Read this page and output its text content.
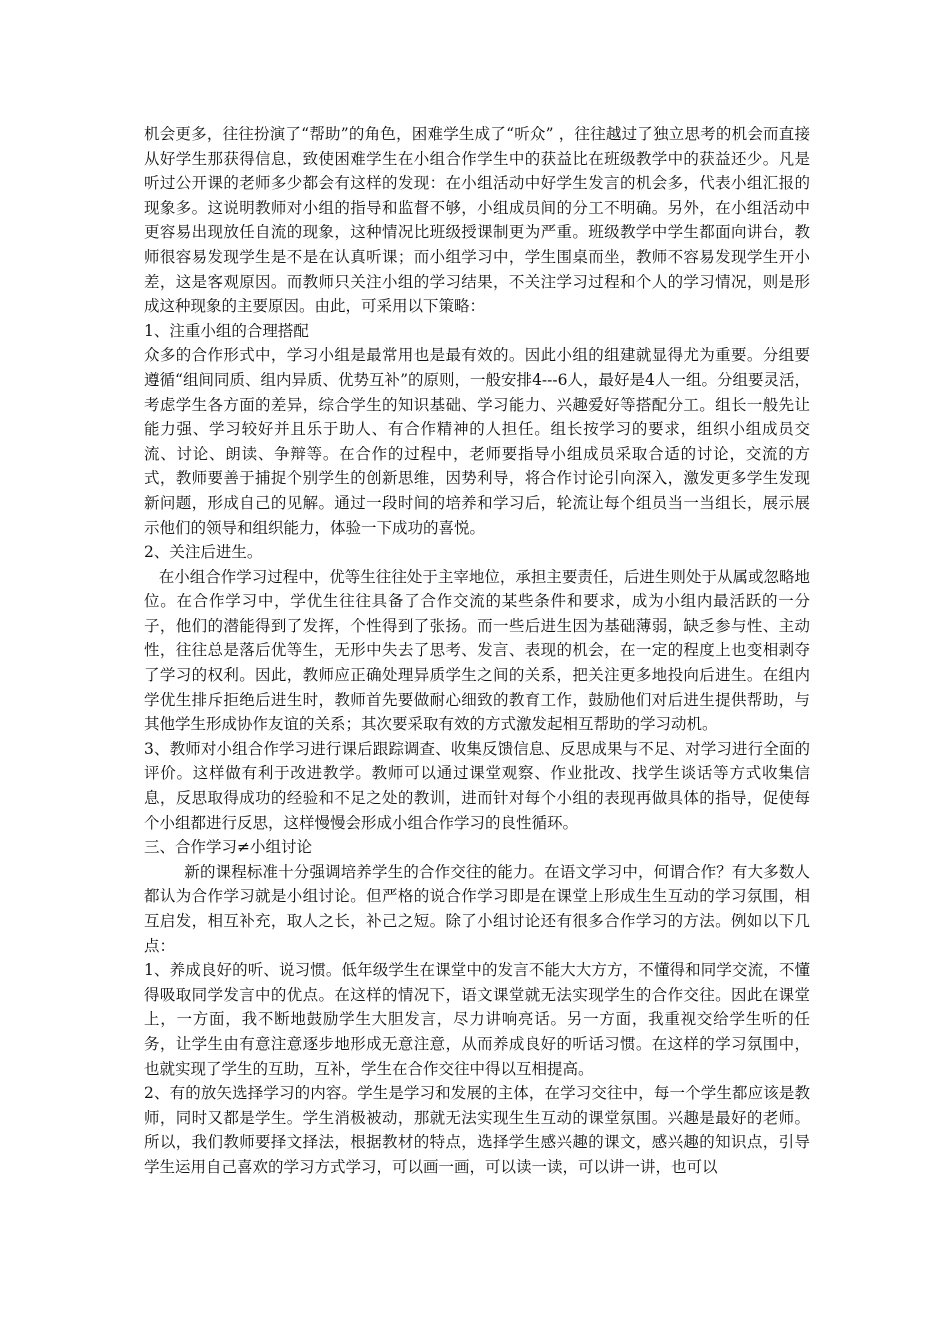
机会更多，往往扮演了“帮助”的角色，困难学生成了“听众” ，往往越过了独立思考的机会而直接从好学生那获得信息，致使困难学生在小组合作学生中的获益比在班级教学中的获益还少。凡是听过公开课的老师多少都会有这样的发现：在小组活动中好学生发言的机会多，代表小组汇报的现象多。这说明教师对小组的指导和监督不够，小组成员间的分工不明确。另外，在小组活动中更容易出现放任自流的现象，这种情况比班级授课制更为严重。班级教学中学生都面向讲台，教师很容易发现学生是不是在认真听课；而小组学习中，学生围桌而坐，教师不容易发现学生开小差，这是客观原因。而教师只关注小组的学习结果，不关注学习过程和个人的学习情况，则是形成这种现象的主要原因。由此，可采用以下策略：

1、注重小组的合理搭配

众多的合作形式中，学习小组是最常用也是最有效的。因此小组的组建就显得尤为重要。分组要遵循“组间同质、组内异质、优势互补”的原则，一般安排4---6人，最好是4人一组。分组要灵活，考虑学生各方面的差异，综合学生的知识基础、学习能力、兴趣爱好等搭配分工。组长一般先让能力强、学习较好并且乐于助人、有合作精神的人担任。组长按学习的要求，组织小组成员交流、讨论、朗读、争辩等。在合作的过程中，老师要指导小组成员采取合适的讨论，交流的方式，教师要善于捕捉个别学生的创新思维，因势利导，将合作讨论引向深入，激发更多学生发现新问题，形成自己的见解。通过一段时间的培养和学习后，轮流让每个组员当一当组长，展示展示他们的领导和组织能力，体验一下成功的喜悦。

2、关注后进生。

在小组合作学习过程中，优等生往往处于主宰地位，承担主要责任，后进生则处于从属或忽略地位。在合作学习中，学优生往往具备了合作交流的某些条件和要求，成为小组内最活跃的一分子，他们的潜能得到了发挥，个性得到了张扬。而一些后进生因为基础薄弱，缺乏参与性、主动性，往往总是落后优等生，无形中失去了思考、发言、表现的机会，在一定的程度上也变相剥夺了学习的权利。因此，教师应正确处理异质学生之间的关系，把关注更多地投向后进生。在组内学优生排斥拒绝后进生时，教师首先要做耐心细致的教育工作，鼓励他们对后进生提供帮助，与其他学生形成协作友谊的关系；其次要采取有效的方式激发起相互帮助的学习动机。

3、教师对小组合作学习进行课后跟踪调查、收集反馈信息、反思成果与不足、对学习进行全面的评价。这样做有利于改进教学。教师可以通过课堂观察、作业批改、找学生谈话等方式收集信息，反思取得成功的经验和不足之处的教训，进而针对每个小组的表现再做具体的指导，促使每个小组都进行反思，这样慢慢会形成小组合作学习的良性循环。

三、合作学习≠小组讨论

新的课程标准十分强调培养学生的合作交往的能力。在语文学习中，何谓合作？有大多数人都认为合作学习就是小组讨论。但严格的说合作学习即是在课堂上形成生生互动的学习氛围，相互启发，相互补充，取人之长，补己之短。除了小组讨论还有很多合作学习的方法。例如以下几点：

1、养成良好的听、说习惯。低年级学生在课堂中的发言不能大大方方，不懂得和同学交流，不懂得吸取同学发言中的优点。在这样的情况下，语文课堂就无法实现学生的合作交往。因此在课堂上，一方面，我不断地鼓励学生大胆发言，尽力讲响亮话。另一方面，我重视交给学生听的任务，让学生由有意注意逐步地形成无意注意，从而养成良好的听话习惯。在这样的学习氛围中，也就实现了学生的互助，互补，学生在合作交往中得以互相提高。

2、有的放矢选择学习的内容。学生是学习和发展的主体，在学习交往中，每一个学生都应该是教师，同时又都是学生。学生消极被动，那就无法实现生生互动的课堂氛围。兴趣是最好的老师。所以，我们教师要择文择法，根据教材的特点，选择学生感兴趣的课文，感兴趣的知识点，引导学生运用自己喜欢的学习方式学习，可以画一画，可以读一读，可以讲一讲，也可以
